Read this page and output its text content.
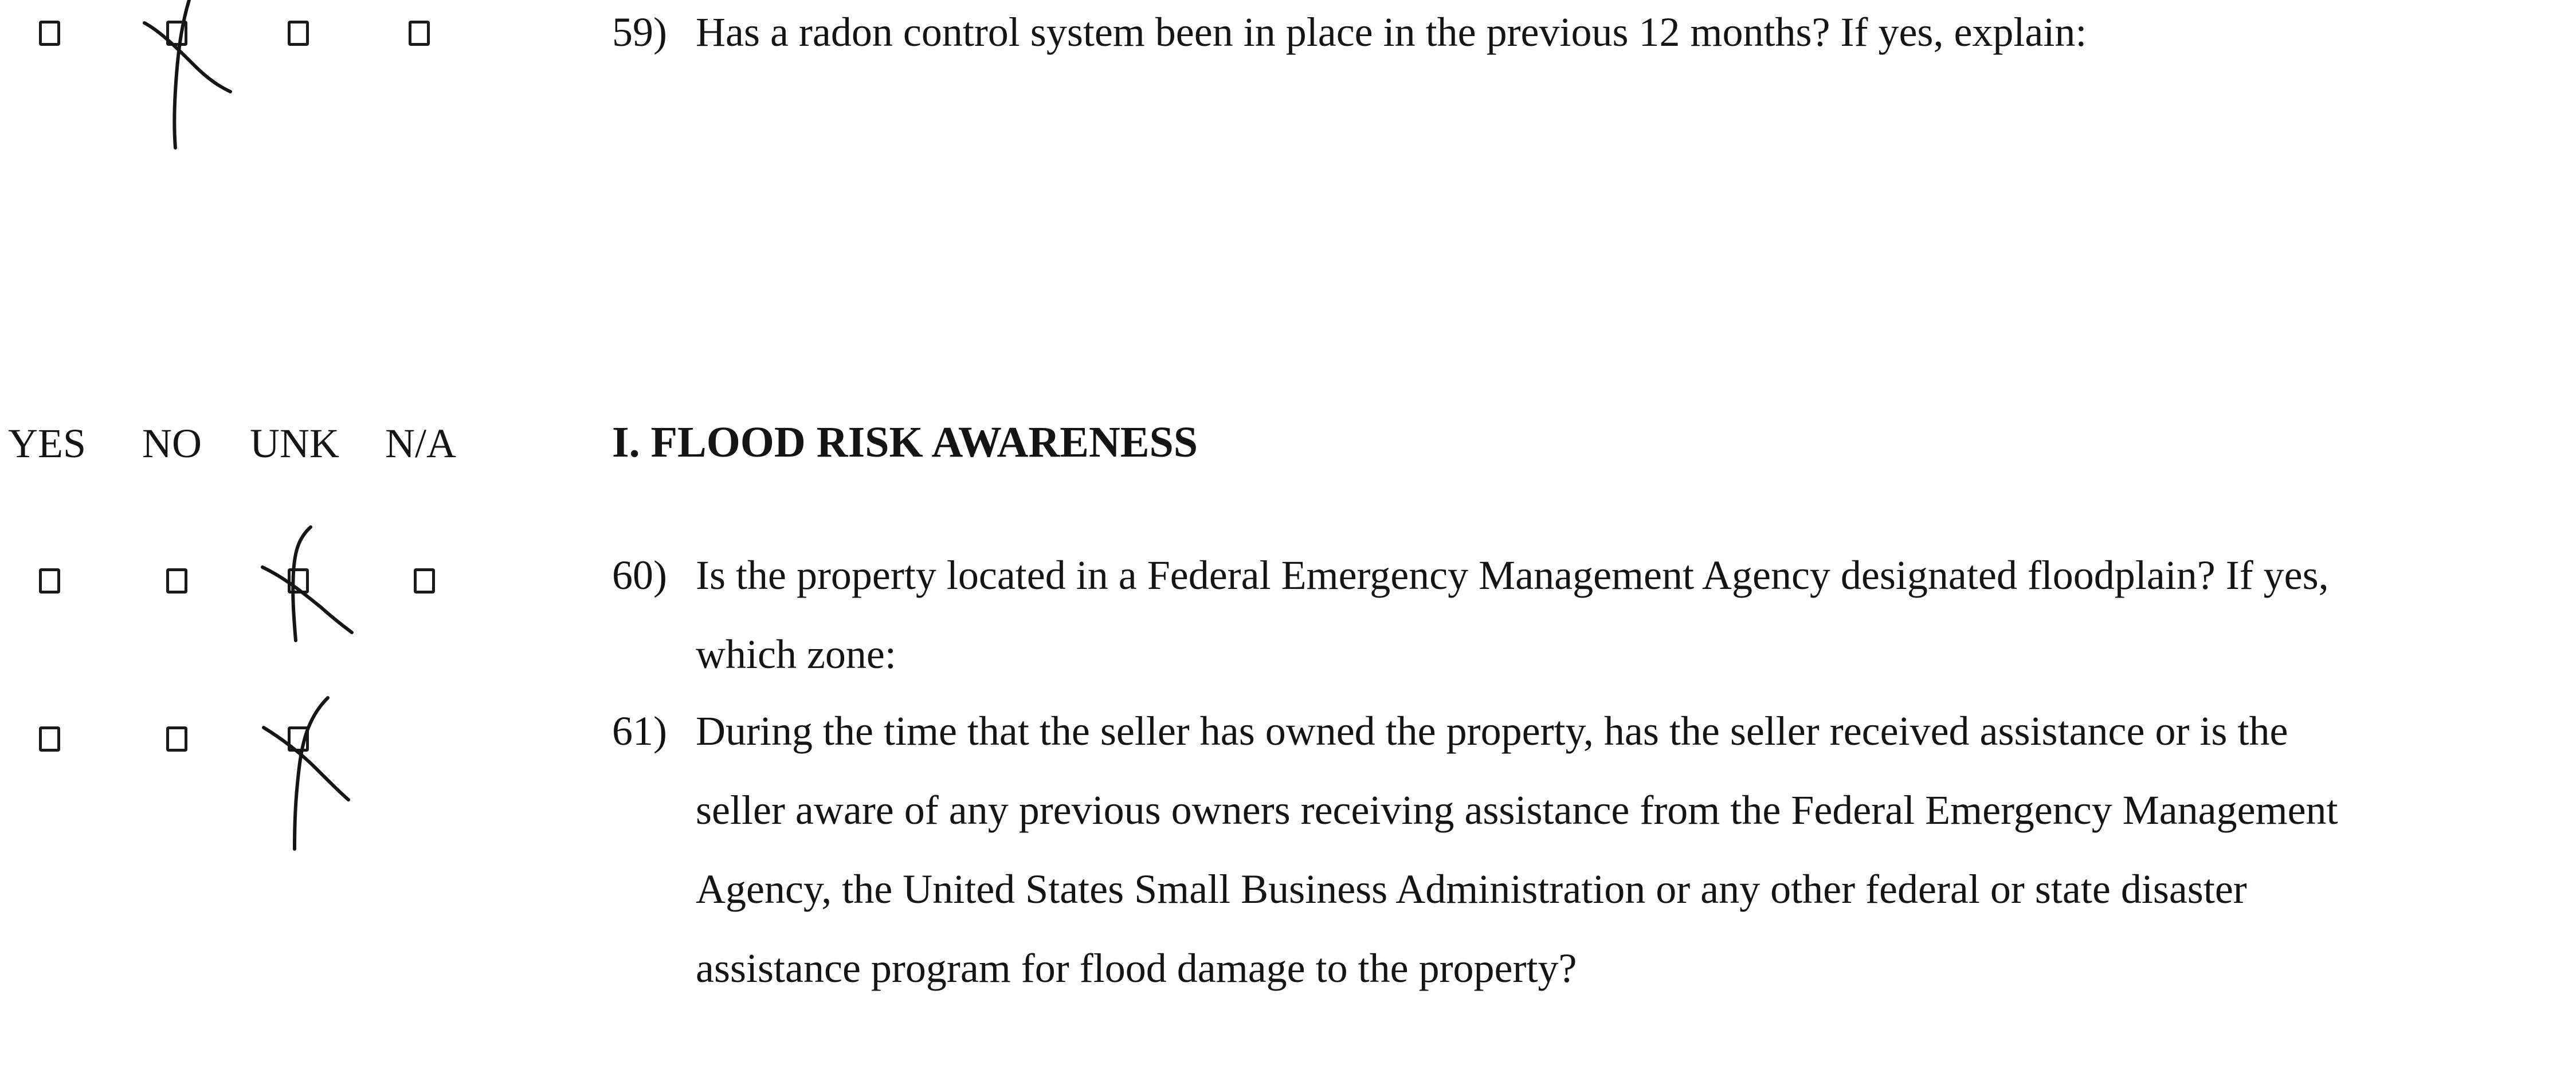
59) Has a radon control system been in place in the previous 12 months? If yes, explain:
YES NO UNK N/A	I. FLOOD RISK AWARENESS
60) Is the property located in a Federal Emergency Management Agency designated floodplain? If yes,
which zone:
61) During the time that the seller has owned the property, has the seller received assistance or is the
seller aware of any previous owners receiving assistance from the Federal Emergency Management
Agency, the United States Small Business Administration or any other federal or state disaster
assistance program for flood damage to the property?
